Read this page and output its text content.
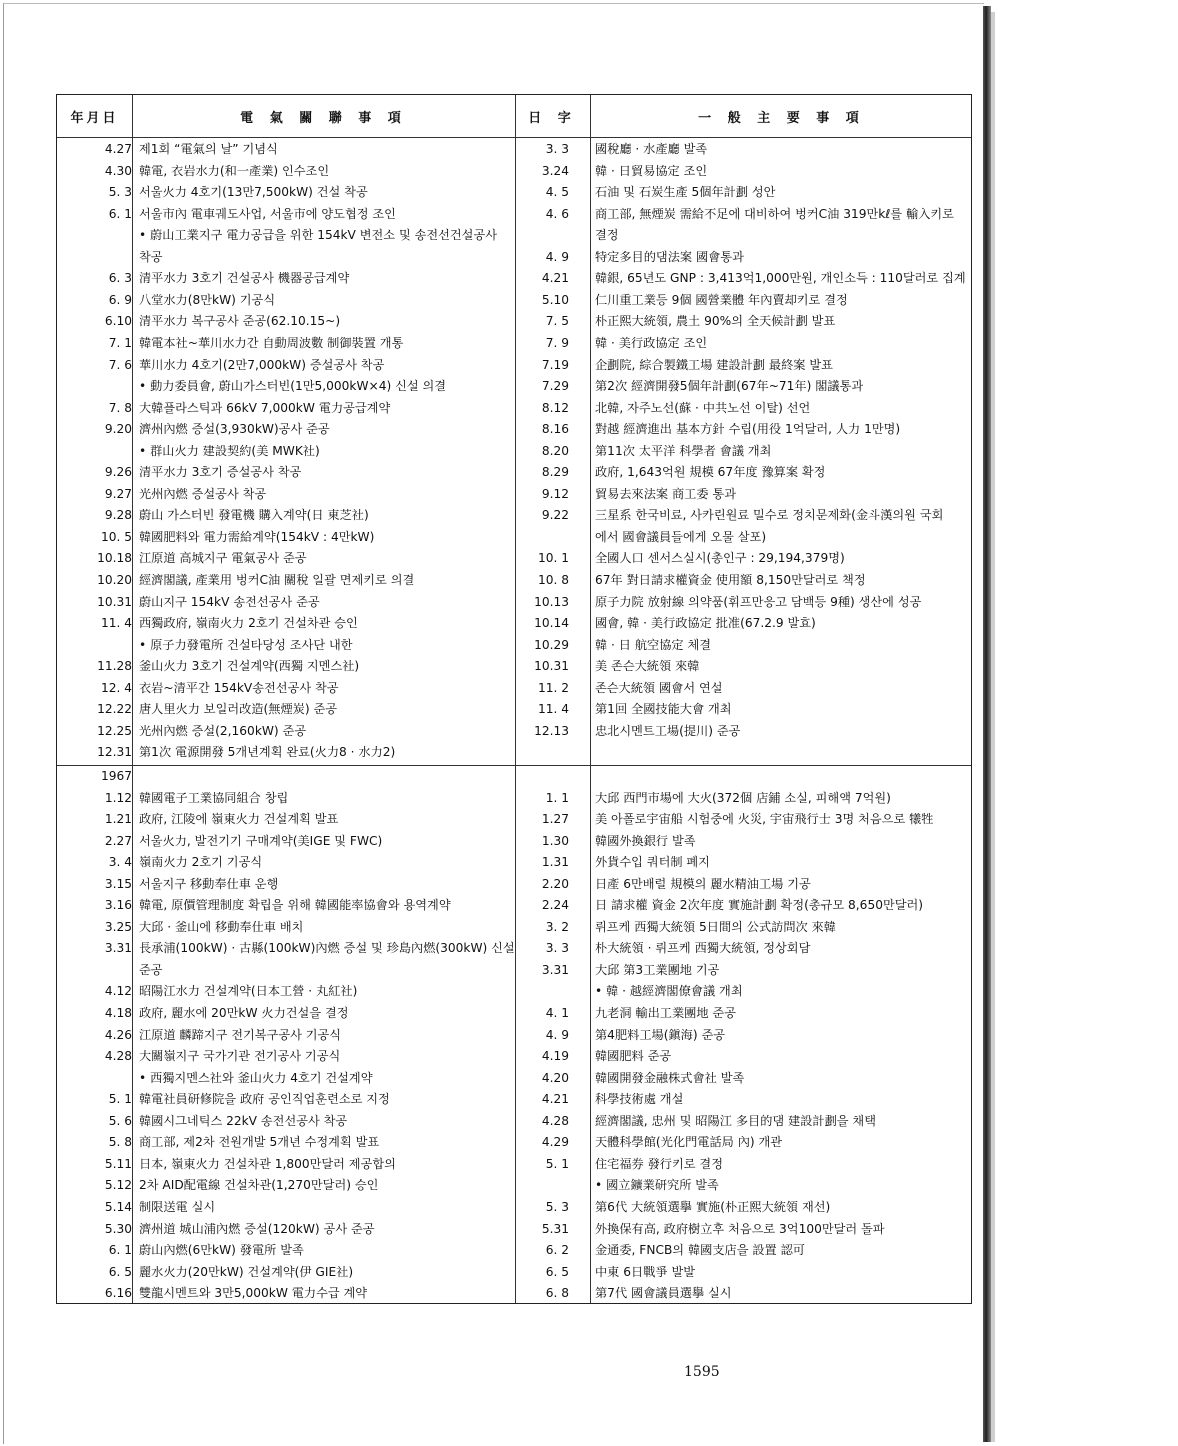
年月日	電 氣 關 聯 事 項	日 字	一 般 主 要 事 項
4.27 제1회 “電氣의 날” 기념식	3. 3 國稅廳 · 水產廳 발족
4.30 韓電, 衣岩水力(和一產業) 인수조인	3.24 韓 · 日貿易協定 조인
5. 3 서울火力 4호기(13만7,500kW) 건설 착공	4. 5 石油 및 石炭生產 5個年計劃 성안
6. 1 서울市內 電車궤도사업, 서울市에 양도협정 조인	4. 6 商工部, 無煙炭 需給不足에 대비하여 벙커C油 319만kℓ를 輸入키로
• 蔚山工業지구 電力공급을 위한 154kV 변전소 및 송전선건설공사	결정
착공	4. 9 特定多目的댐法案 國會통과
6. 3 清平水力 3호기 건설공사 機器공급계약	4.21 韓銀, 65년도 GNP : 3,413억1,000만원, 개인소득 : 110달러로 집계
6. 9 八堂水力(8만kW) 기공식	5.10 仁川重工業등 9個 國營業體 年內賣却키로 결정
6.10 清平水力 복구공사 준공(62.10.15~)	7. 5 朴正熙大統領, 農土 90%의 全天候計劃 발표
7. 1 韓電本社~華川水力간 自動周波數 制御裝置 개통	7. 9 韓 · 美行政協定 조인
7. 6 華川水力 4호기(2만7,000kW) 증설공사 착공	7.19 企劃院, 綜合製鐵工場 建設計劃 最終案 발표
• 動力委員會, 蔚山가스터빈(1만5,000kW×4) 신설 의결	7.29 第2次 經濟開發5個年計劃(67年~71年) 閣議통과
7. 8 大韓플라스틱과 66kV 7,000kW 電力공급계약	8.12 北韓, 자주노선(蘇 · 中共노선 이탈) 선언
9.20 濟州內燃 증설(3,930kW)공사 준공	8.16 對越 經濟進出 基本方針 수립(用役 1억달러, 人力 1만명)
• 群山火力 建設契約(美 MWK社)	8.20 第11次 太平洋 科學者 會議 개최
9.26 清平水力 3호기 증설공사 착공	8.29 政府, 1,643억원 規模 67年度 豫算案 확정
9.27 光州內燃 증설공사 착공	9.12 貿易去來法案 商工委 통과
9.28 蔚山 가스터빈 發電機 購入계약(日 東芝社)	9.22 三星系 한국비료, 사카린원료 밀수로 정치문제화(金斗漢의원 국회
10. 5 韓國肥料와 電力需給계약(154kV : 4만kW)	에서 國會議員들에게 오물 살포)
10.18 江原道 高城지구 電氣공사 준공	10. 1 全國人口 센서스실시(총인구 : 29,194,379명)
10.20 經濟閣議, 產業用 벙커C油 關稅 일괄 면제키로 의결	10. 8 67年 對日請求權資金 使用額 8,150만달러로 책정
10.31 蔚山지구 154kV 송전선공사 준공	10.13 原子力院 放射線 의약품(휘프만응고 담백등 9種) 생산에 성공
11. 4 西獨政府, 嶺南火力 2호기 건설차관 승인	10.14 國會, 韓 · 美行政協定 批准(67.2.9 발효)
• 原子力發電所 건설타당성 조사단 내한	10.29 韓 · 日 航空協定 체결
11.28 釜山火力 3호기 건설계약(西獨 지멘스社)	10.31 美 존슨大統領 來韓
12. 4 衣岩~清平간 154kV송전선공사 착공	11. 2 존슨大統領 國會서 연설
12.22 唐人里火力 보일러改造(無煙炭) 준공	11. 4 第1回 全國技能大會 개최
12.25 光州內燃 증설(2,160kW) 준공	12.13 忠北시멘트工場(提川) 준공
12.31 第1次 電源開發 5개년계획 완료(火力8 · 水力2)
1967
1.12 韓國電子工業協同組合 창립	1. 1 大邱 西門市場에 大火(372個 店鋪 소실, 피해액 7억원)
1.21 政府, 江陵에 嶺東火力 건설계획 발표	1.27 美 아폴로宇宙船 시험중에 火災, 宇宙飛行士 3명 처음으로 犧牲
2.27 서울火力, 발전기기 구매계약(美IGE 및 FWC)	1.30 韓國外換銀行 발족
3. 4 嶺南火力 2호기 기공식	1.31 外貨수입 쿼터制 폐지
3.15 서울지구 移動奉仕車 운행	2.20 日產 6만배럴 規模의 麗水精油工場 기공
3.16 韓電, 原價管理制度 확립을 위해 韓國能率協會와 용역계약	2.24 日 請求權 資金 2次年度 實施計劃 확정(총규모 8,650만달러)
3.25 大邱 · 釜山에 移動奉仕車 배치	3. 2 뤼프케 西獨大統領 5日間의 公式訪問次 來韓
3.31 長承浦(100kW) · 古縣(100kW)內燃 증설 및 珍島內燃(300kW) 신설	3. 3 朴大統領 · 뤼프케 西獨大統領, 정상회담
준공	3.31 大邱 第3工業團地 기공
4.12 昭陽江水力 건설계약(日本工營 · 丸紅社)	• 韓 · 越經濟閣僚會議 개최
4.18 政府, 麗水에 20만kW 火力건설을 결정	4. 1 九老洞 輸出工業團地 준공
4.26 江原道 麟蹄지구 전기복구공사 기공식	4. 9 第4肥料工場(鎭海) 준공
4.28 大關嶺지구 국가기관 전기공사 기공식	4.19 韓國肥料 준공
• 西獨지멘스社와 釜山火力 4호기 건설계약	4.20 韓國開發金融株式會社 발족
5. 1 韓電社員研修院을 政府 공인직업훈련소로 지정	4.21 科學技術處 개설
5. 6 韓國시그네틱스 22kV 송전선공사 착공	4.28 經濟閣議, 忠州 및 昭陽江 多目的댐 建設計劃을 채택
5. 8 商工部, 제2차 전원개발 5개년 수정계획 발표	4.29 天體科學館(光化門電話局 內) 개관
5.11 日本, 嶺東火力 건설차관 1,800만달러 제공합의	5. 1 住宅福券 發行키로 결정
5.12 2차 AID配電線 건설차관(1,270만달러) 승인	• 國立鑛業研究所 발족
5.14 制限送電 실시	5. 3 第6代 大統領選擧 實施(朴正熙大統領 재선)
5.30 濟州道 城山浦內燃 증설(120kW) 공사 준공	5.31 外換保有高, 政府樹立후 처음으로 3억100만달러 돌파
6. 1 蔚山內燃(6만kW) 發電所 발족	6. 2 金通委, FNCB의 韓國支店을 設置 認可
6. 5 麗水火力(20만kW) 건설계약(伊 GIE社)	6. 5 中東 6日戰爭 발발
6.16 雙龍시멘트와 3만5,000kW 電力수급 계약	6. 8 第7代 國會議員選擧 실시
1595
